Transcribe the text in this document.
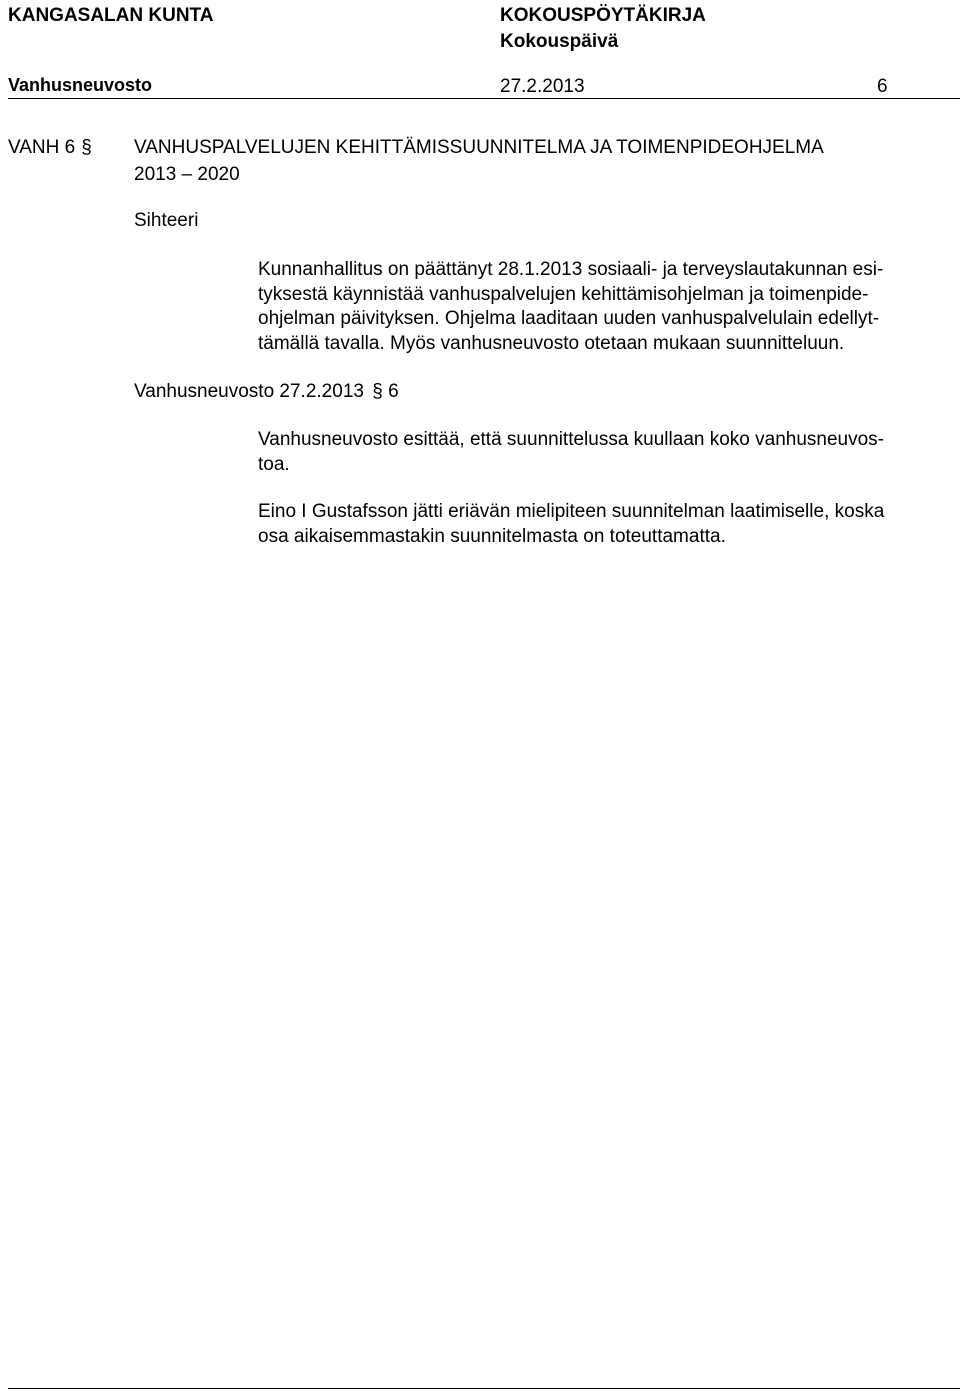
KANGASALAN KUNTA	KOKOUSPÖYTÄKIRJA
Kokouspäivä
Vanhusneuvosto	27.2.2013	6
VANH 6 § VANHUSPALVELUJEN KEHITTÄMISSUUNNITELMA JA TOIMENPIDEOHJELMA
2013 – 2020
Sihteeri
Kunnanhallitus on päättänyt 28.1.2013 sosiaali- ja terveyslautakunnan esi-
tyksestä käynnistää vanhuspalvelujen kehittämisohjelman ja toimenpide-
ohjelman päivityksen. Ohjelma laaditaan uuden vanhuspalvelulain edellyt-
tämällä tavalla. Myös vanhusneuvosto otetaan mukaan suunnitteluun.
Vanhusneuvosto 27.2.2013 § 6
Vanhusneuvosto esittää, että suunnittelussa kuullaan koko vanhusneuvos-
toa.
Eino I Gustafsson jätti eriävän mielipiteen suunnitelman laatimiselle, koska
osa aikaisemmastakin suunnitelmasta on toteuttamatta.
